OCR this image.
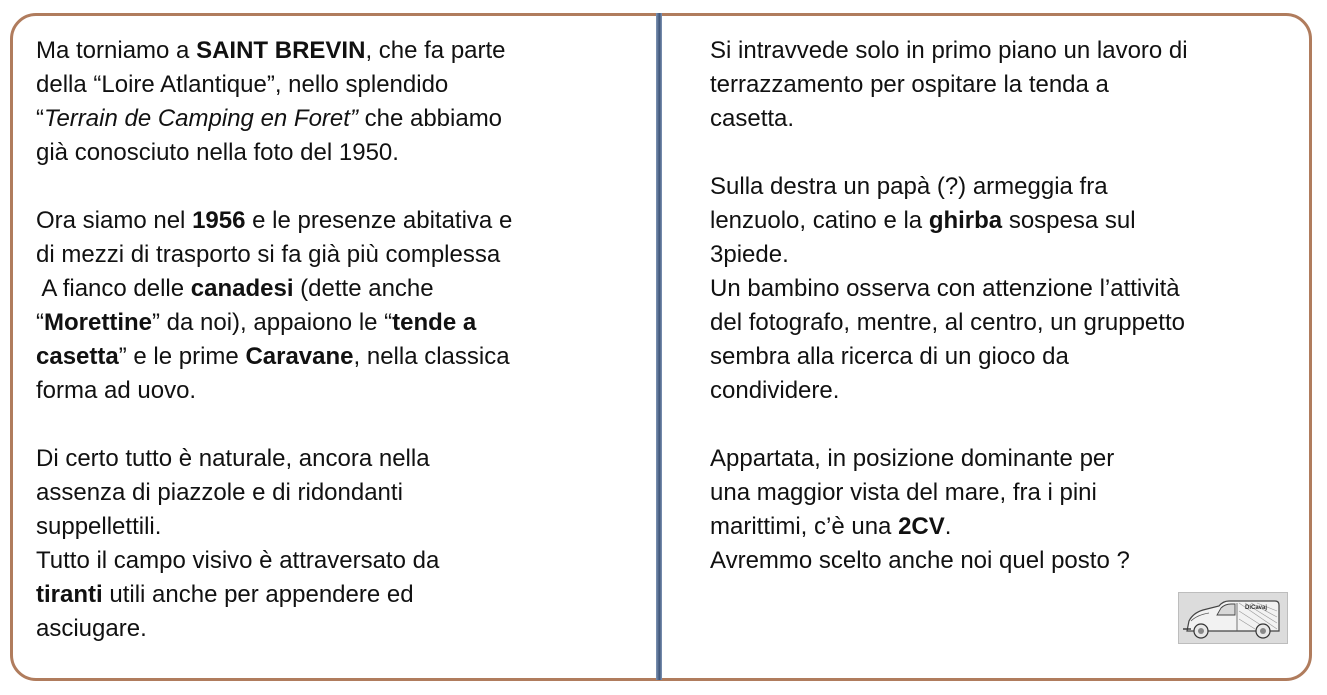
Ma torniamo a SAINT BREVIN, che fa parte

della “Loire Atlantique”, nello splendido

“Terrain de Camping en Foret” che abbiamo

già conosciuto nella foto del 1950.

Ora siamo nel 1956 e le presenze abitativa e

di mezzi di trasporto si fa già più complessa

A fianco delle canadesi (dette anche

“Morettine” da noi), appaiono le “tende a

casetta” e le prime Caravane, nella classica

forma ad uovo.

Di certo tutto è naturale, ancora nella

assenza di piazzole e di ridondanti

suppellettili.

Tutto il campo visivo è attraversato da

tiranti utili anche per appendere ed

asciugare.

Si intravvede solo in primo piano un lavoro di

terrazzamento per ospitare la tenda a

casetta.

Sulla destra un papà (?) armeggia fra

lenzuolo, catino e la ghirba sospesa sul

3piede.

Un bambino osserva con attenzione l’attività

del fotografo, mentre, al centro, un gruppetto

sembra alla ricerca di un gioco da

condividere.

Appartata, in posizione dominante per

una maggior vista del mare, fra i pini

marittimi, c’è una 2CV.

Avremmo scelto anche noi quel posto ?

DiCavaj
